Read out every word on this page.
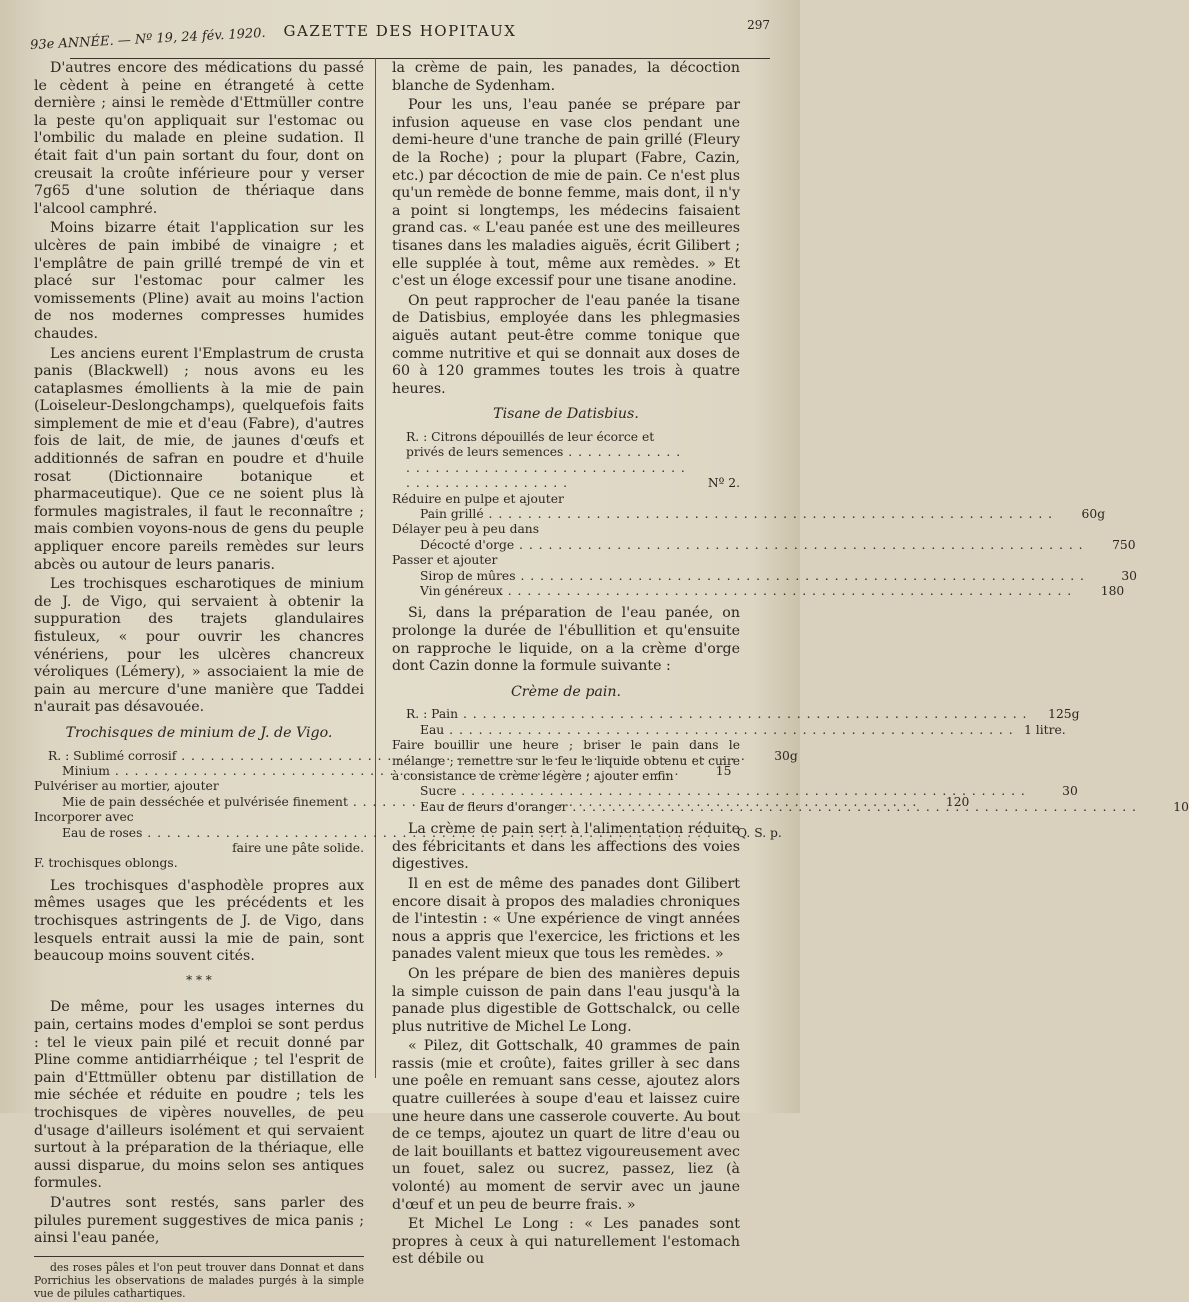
93e ANNÉE. — Nº 19, 24 fév. 1920.	GAZETTE DES HOPITAUX	297

D'autres encore des médications du passé le cèdent à peine en étrangeté à cette dernière ; ainsi le remède d'Ettmüller contre la peste qu'on appliquait sur l'estomac ou l'ombilic du malade en pleine sudation. Il était fait d'un pain sortant du four, dont on creusait la croûte inférieure pour y verser 7g65 d'une solution de thériaque dans l'alcool camphré.

Moins bizarre était l'application sur les ulcères de pain imbibé de vinaigre ; et l'emplâtre de pain grillé trempé de vin et placé sur l'estomac pour calmer les vomissements (Pline) avait au moins l'action de nos modernes compresses humides chaudes.

Les anciens eurent l'Emplastrum de crusta panis (Blackwell) ; nous avons eu les cataplasmes émollients à la mie de pain (Loiseleur-Deslongchamps), quelquefois faits simplement de mie et d'eau (Fabre), d'autres fois de lait, de mie, de jaunes d'œufs et additionnés de safran en poudre et d'huile rosat (Dictionnaire botanique et pharmaceutique). Que ce ne soient plus là formules magistrales, il faut le reconnaître ; mais combien voyons-nous de gens du peuple appliquer encore pareils remèdes sur leurs abcès ou autour de leurs panaris.

Les trochisques escharotiques de minium de J. de Vigo, qui servaient à obtenir la suppuration des trajets glandulaires fistuleux, « pour ouvrir les chancres vénériens, pour les ulcères chancreux véroliques (Lémery), » associaient la mie de pain au mercure d'une manière que Taddei n'aurait pas désavouée.

Trochisques de minium de J. de Vigo.

R. : Sublimé corrosif . . .	30g
Minium . . .	15
Pulvériser au mortier, ajouter
Mie de pain desséchée et pulvérisée finement . . .	120
Incorporer avec
Eau de roses . . .	Q. S. p.
faire une pâte solide.
F. trochisques oblongs.

Les trochisques d'asphodèle propres aux mêmes usages que les précédents et les trochisques astringents de J. de Vigo, dans lesquels entrait aussi la mie de pain, sont beaucoup moins souvent cités.

* * *

De même, pour les usages internes du pain, certains modes d'emploi se sont perdus : tel le vieux pain pilé et recuit donné par Pline comme antidiarrhéique ; tel l'esprit de pain d'Ettmüller obtenu par distillation de mie séchée et réduite en poudre ; tels les trochisques de vipères nouvelles, de peu d'usage d'ailleurs isolément et qui servaient surtout à la préparation de la thériaque, elle aussi disparue, du moins selon ses antiques formules.

D'autres sont restés, sans parler des pilules purement suggestives de mica panis ; ainsi l'eau panée,

des roses pâles et l'on peut trouver dans Donnat et dans Porrichius les observations de malades purgés à la simple vue de pilules cathartiques.

la crème de pain, les panades, la décoction blanche de Sydenham.

Pour les uns, l'eau panée se prépare par infusion aqueuse en vase clos pendant une demi-heure d'une tranche de pain grillé (Fleury de la Roche) ; pour la plupart (Fabre, Cazin, etc.) par décoction de mie de pain. Ce n'est plus qu'un remède de bonne femme, mais dont, il n'y a point si longtemps, les médecins faisaient grand cas. « L'eau panée est une des meilleures tisanes dans les maladies aiguës, écrit Gilibert ; elle supplée à tout, même aux remèdes. » Et c'est un éloge excessif pour une tisane anodine.

On peut rapprocher de l'eau panée la tisane de Datisbius, employée dans les phlegmasies aiguës autant peut-être comme tonique que comme nutritive et qui se donnait aux doses de 60 à 120 grammes toutes les trois à quatre heures.

Tisane de Datisbius.

R. : Citrons dépouillés de leur écorce et privés de leurs semences . . .
Nº 2.
Réduire en pulpe et ajouter
Pain grillé . . .	60g
Délayer peu à peu dans
Décocté d'orge . . .	750
Passer et ajouter
Sirop de mûres . . .	30
Vin généreux . . .	180

Si, dans la préparation de l'eau panée, on prolonge la durée de l'ébullition et qu'ensuite on rapproche le liquide, on a la crème d'orge dont Cazin donne la formule suivante :

Crème de pain.

R. : Pain . . .	125g
Eau . . .	1 litre.
Faire bouillir une heure ; briser le pain dans le mélange ; remettre sur le feu le liquide obtenu et cuire à consistance de crème légère ; ajouter enfin
Sucre . . .	30
Eau de fleurs d'oranger . . .	10

La crème de pain sert à l'alimentation réduite des fébricitants et dans les affections des voies digestives.

Il en est de même des panades dont Gilibert encore disait à propos des maladies chroniques de l'intestin : « Une expérience de vingt années nous a appris que l'exercice, les frictions et les panades valent mieux que tous les remèdes. »

On les prépare de bien des manières depuis la simple cuisson de pain dans l'eau jusqu'à la panade plus digestible de Gottschalck, ou celle plus nutritive de Michel Le Long.

« Pilez, dit Gottschalk, 40 grammes de pain rassis (mie et croûte), faites griller à sec dans une poêle en remuant sans cesse, ajoutez alors quatre cuillerées à soupe d'eau et laissez cuire une heure dans une casserole couverte. Au bout de ce temps, ajoutez un quart de litre d'eau ou de lait bouillants et battez vigoureusement avec un fouet, salez ou sucrez, passez, liez (à volonté) au moment de servir avec un jaune d'œuf et un peu de beurre frais. »

Et Michel Le Long : « Les panades sont propres à ceux à qui naturellement l'estomach est débile ou
